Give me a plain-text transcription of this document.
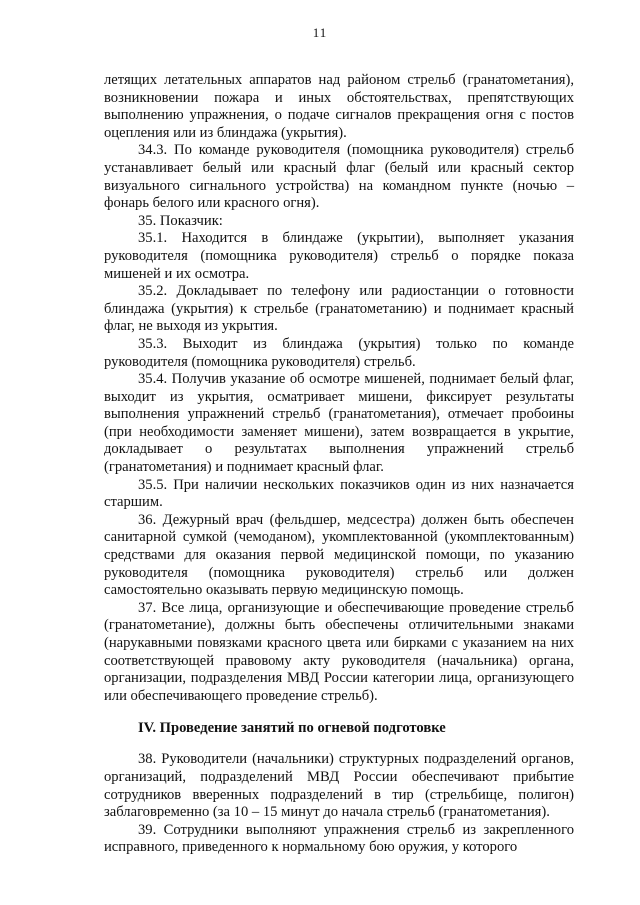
11

летящих летательных аппаратов над районом стрельб (гранатометания), возникновении пожара и иных обстоятельствах, препятствующих выполнению упражнения, о подаче сигналов прекращения огня с постов оцепления или из блиндажа (укрытия).

34.3. По команде руководителя (помощника руководителя) стрельб устанавливает белый или красный флаг (белый или красный сектор визуального сигнального устройства) на командном пункте (ночью – фонарь белого или красного огня).

35. Показчик:

35.1. Находится в блиндаже (укрытии), выполняет указания руководителя (помощника руководителя) стрельб о порядке показа мишеней и их осмотра.

35.2. Докладывает по телефону или радиостанции о готовности блиндажа (укрытия) к стрельбе (гранатометанию) и поднимает красный флаг, не выходя из укрытия.

35.3. Выходит из блиндажа (укрытия) только по команде руководителя (помощника руководителя) стрельб.

35.4. Получив указание об осмотре мишеней, поднимает белый флаг, выходит из укрытия, осматривает мишени, фиксирует результаты выполнения упражнений стрельб (гранатометания), отмечает пробоины (при необходимости заменяет мишени), затем возвращается в укрытие, докладывает о результатах выполнения упражнений стрельб (гранатометания) и поднимает красный флаг.

35.5. При наличии нескольких показчиков один из них назначается старшим.

36. Дежурный врач (фельдшер, медсестра) должен быть обеспечен санитарной сумкой (чемоданом), укомплектованной (укомплектованным) средствами для оказания первой медицинской помощи, по указанию руководителя (помощника руководителя) стрельб или должен самостоятельно оказывать первую медицинскую помощь.

37. Все лица, организующие и обеспечивающие проведение стрельб (гранатометание), должны быть обеспечены отличительными знаками (нарукавными повязками красного цвета или бирками с указанием на них соответствующей правовому акту руководителя (начальника) органа, организации, подразделения МВД России категории лица, организующего или обеспечивающего проведение стрельб).

IV. Проведение занятий по огневой подготовке

38. Руководители (начальники) структурных подразделений органов, организаций, подразделений МВД России обеспечивают прибытие сотрудников вверенных подразделений в тир (стрельбище, полигон) заблаговременно (за 10 – 15 минут до начала стрельб (гранатометания).

39. Сотрудники выполняют упражнения стрельб из закрепленного исправного, приведенного к нормальному бою оружия, у которого
